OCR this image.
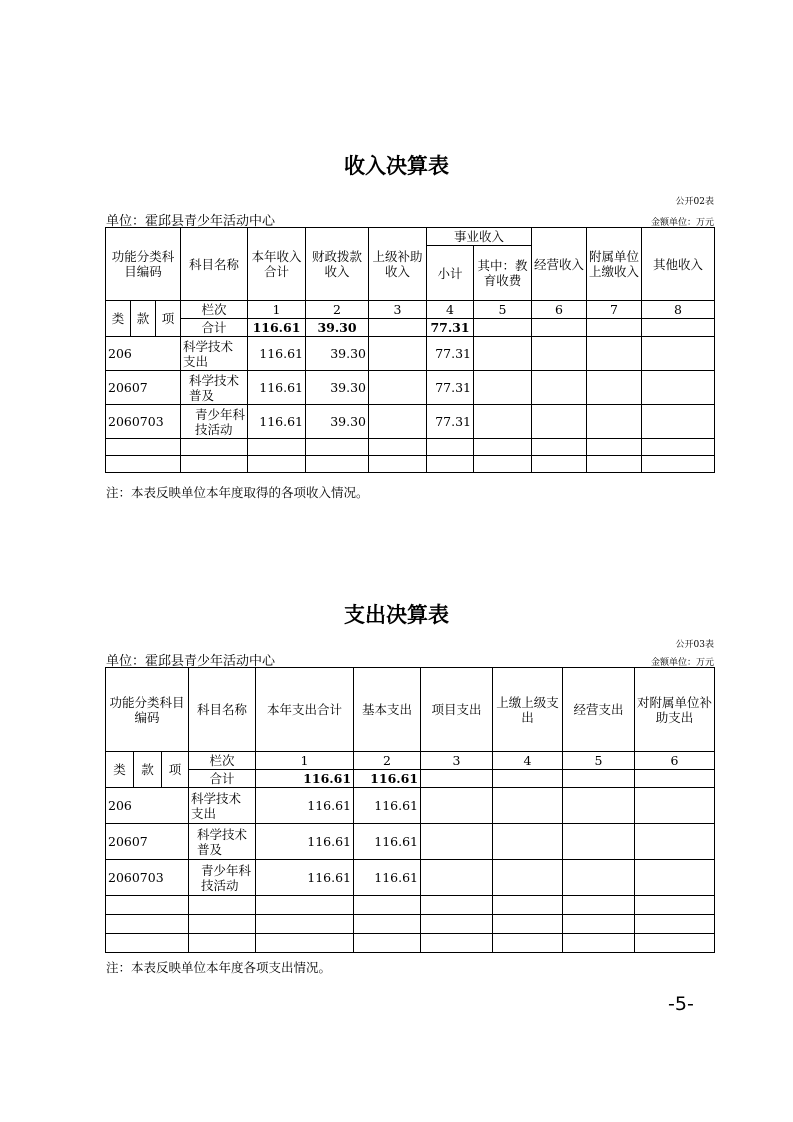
收入决算表
公开02表
单位：霍邱县青少年活动中心	金额单位：万元
功能分类科目编码			科目名称	本年收入合计	财政拨款收入	上级补助收入	事业收入		经营收入	附属单位上缴收入	其他收入
							小计	其中：教育收费			
类	款	项	栏次	1	2	3	4	5	6	7	8
			合计	116.61	39.30		77.31				
206			科学技术支出	116.61	39.30		77.31				
20607			科学技术普及	116.61	39.30		77.31				
2060703			青少年科技活动	116.61	39.30		77.31				

注：本表反映单位本年度取得的各项收入情况。
支出决算表
公开03表
单位：霍邱县青少年活动中心	金额单位：万元
功能分类科目编码			科目名称	本年支出合计	基本支出	项目支出	上缴上级支出	经营支出	对附属单位补助支出
类	款	项	栏次	1	2	3	4	5	6
			合计	116.61	116.61				
206			科学技术支出	116.61	116.61				
20607			科学技术普及	116.61	116.61				
2060703			青少年科技活动	116.61	116.61				

注：本表反映单位本年度各项支出情况。
-5-
